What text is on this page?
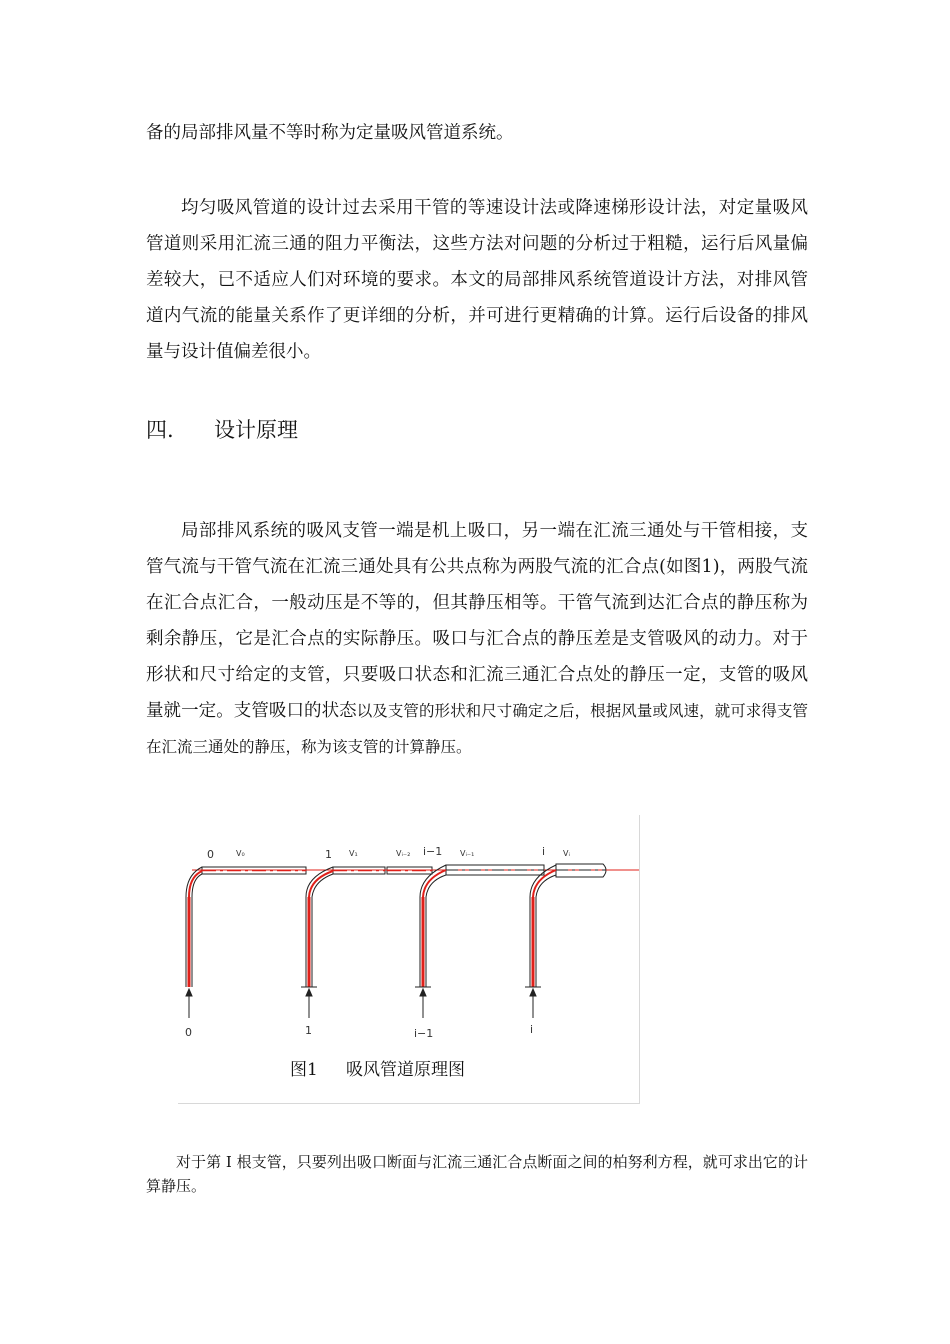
备的局部排风量不等时称为定量吸风管道系统。

均匀吸风管道的设计过去采用干管的等速设计法或降速梯形设计法，对定量吸风管道则采用汇流三通的阻力平衡法，这些方法对问题的分析过于粗糙，运行后风量偏差较大，已不适应人们对环境的要求。本文的局部排风系统管道设计方法，对排风管道内气流的能量关系作了更详细的分析，并可进行更精确的计算。运行后设备的排风量与设计值偏差很小。

四. 设计原理

局部排风系统的吸风支管一端是机上吸口，另一端在汇流三通处与干管相接，支管气流与干管气流在汇流三通处具有公共点称为两股气流的汇合点(如图1)，两股气流在汇合点汇合，一般动压是不等的，但其静压相等。干管气流到达汇合点的静压称为剩余静压，它是汇合点的实际静压。吸口与汇合点的静压差是支管吸风的动力。对于形状和尺寸给定的支管，只要吸口状态和汇流三通汇合点处的静压一定，支管的吸风量就一定。支管吸口的状态以及支管的形状和尺寸确定之后，根据风量或风速，就可求得支管在汇流三通处的静压，称为该支管的计算静压。

0	V₀	1 V₁	Vᵢ₋₂ i−1 Vᵢ₋₁	i Vᵢ
0	1	i−1	i
图1 吸风管道原理图

对于第 I 根支管，只要列出吸口断面与汇流三通汇合点断面之间的柏努利方程，就可求出它的计算静压。
